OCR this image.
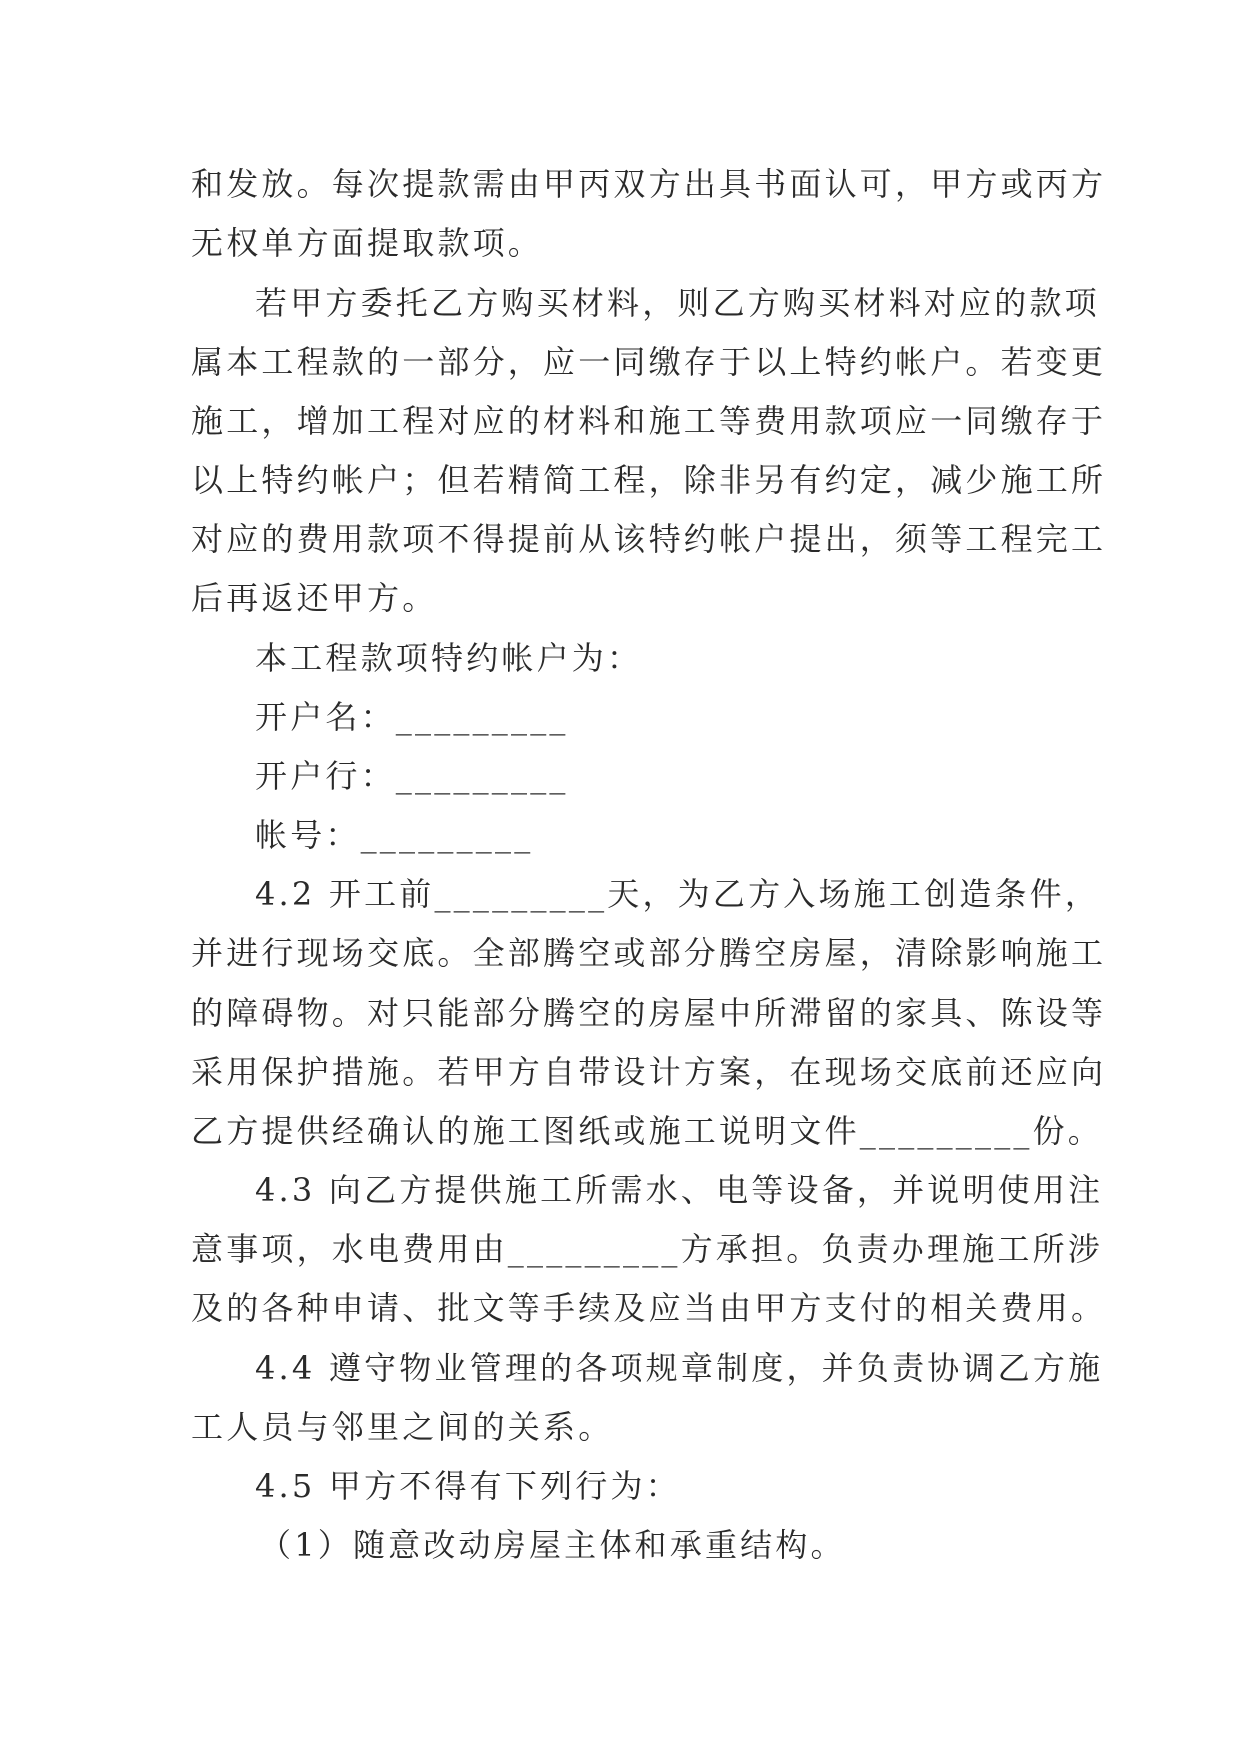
和发放。每次提款需由甲丙双方出具书面认可，甲方或丙方
无权单方面提取款项。
若甲方委托乙方购买材料，则乙方购买材料对应的款项
属本工程款的一部分，应一同缴存于以上特约帐户。若变更
施工，增加工程对应的材料和施工等费用款项应一同缴存于
以上特约帐户；但若精简工程，除非另有约定，减少施工所
对应的费用款项不得提前从该特约帐户提出，须等工程完工
后再返还甲方。
本工程款项特约帐户为：
开户名：_________
开户行：_________
帐号：_________
4.2 开工前_________天，为乙方入场施工创造条件，
并进行现场交底。全部腾空或部分腾空房屋，清除影响施工
的障碍物。对只能部分腾空的房屋中所滞留的家具、陈设等
采用保护措施。若甲方自带设计方案，在现场交底前还应向
乙方提供经确认的施工图纸或施工说明文件_________份。
4.3 向乙方提供施工所需水、电等设备，并说明使用注
意事项，水电费用由_________方承担。负责办理施工所涉
及的各种申请、批文等手续及应当由甲方支付的相关费用。
4.4 遵守物业管理的各项规章制度，并负责协调乙方施
工人员与邻里之间的关系。
4.5 甲方不得有下列行为：
（1）随意改动房屋主体和承重结构。
